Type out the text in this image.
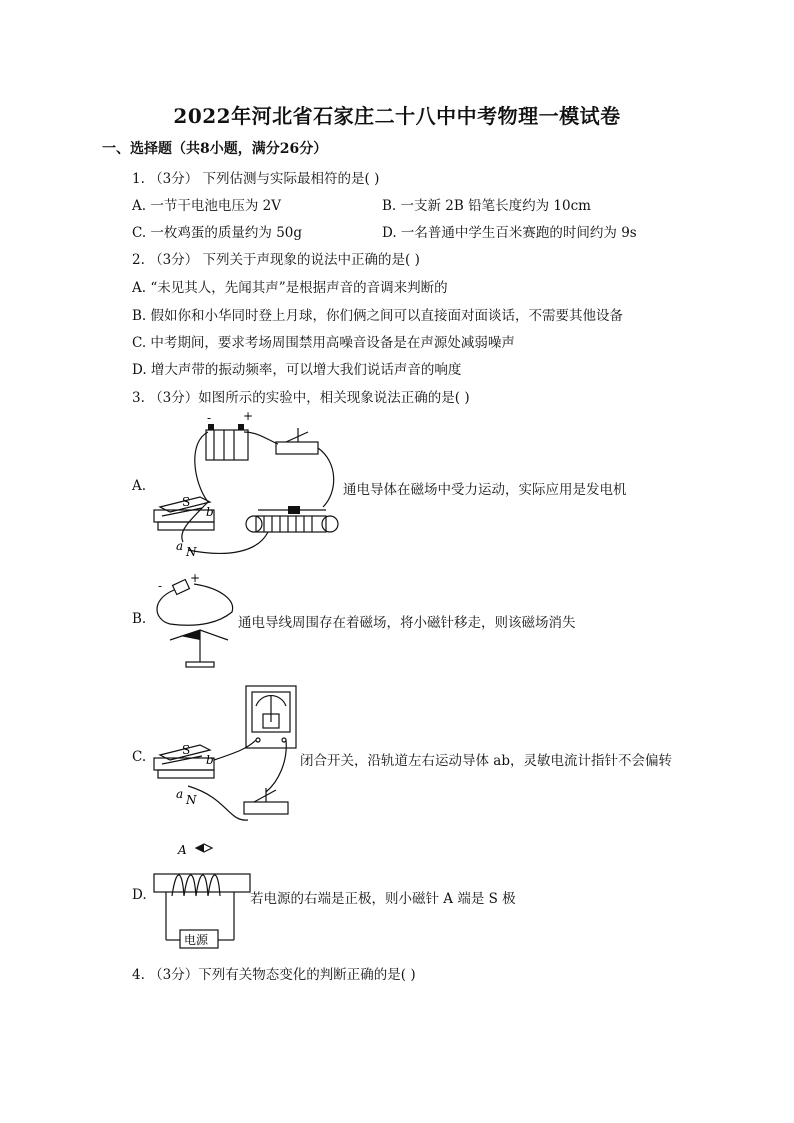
2022年河北省石家庄二十八中中考物理一模试卷
一、选择题（共8小题，满分26分）
1. （3分） 下列估测与实际最相符的是( )
A. 一节干电池电压为 2V	B. 一支新 2B 铅笔长度约为 10cm
C. 一枚鸡蛋的质量约为 50g	D. 一名普通中学生百米赛跑的时间约为 9s
2. （3分） 下列关于声现象的说法中正确的是( )
A. “未见其人，先闻其声”是根据声音的音调来判断的
B. 假如你和小华同时登上月球，你们俩之间可以直接面对面谈话，不需要其他设备
C. 中考期间，要求考场周围禁用高噪音设备是在声源处减弱噪声
D. 增大声带的振动频率，可以增大我们说话声音的响度
3. （3分）如图所示的实验中，相关现象说法正确的是( )
A.
-	+
S
b
a N
通电导体在磁场中受力运动，实际应用是发电机
B.
-
+
通电导线周围存在着磁场，将小磁针移走，则该磁场消失
C.	S
b
a N
闭合开关，沿轨道左右运动导体 ab，灵敏电流计指针不会偏转
D.
A
电源
若电源的右端是正极，则小磁针 A 端是 S 极
4. （3分）下列有关物态变化的判断正确的是( )
